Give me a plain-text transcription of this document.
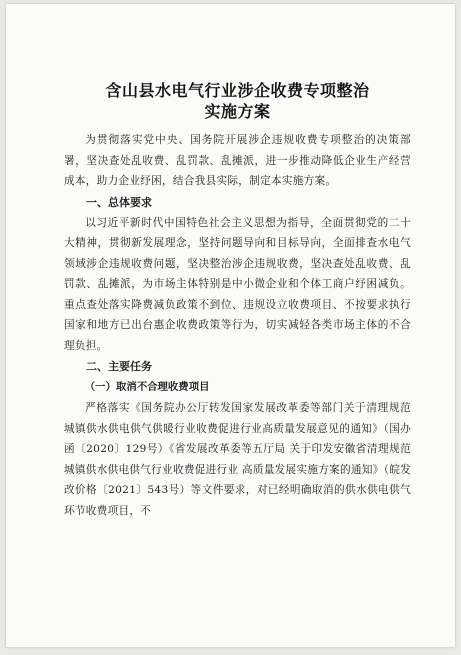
含山县水电气行业涉企收费专项整治
实施方案

为贯彻落实党中央、国务院开展涉企违规收费专项整治的决策部署，坚决查处乱收费、乱罚款、乱摊派，进一步推动降低企业生产经营成本，助力企业纾困，结合我县实际，制定本实施方案。

一、总体要求

以习近平新时代中国特色社会主义思想为指导，全面贯彻党的二十大精神，贯彻新发展理念，坚持问题导向和目标导向，全面排查水电气领域涉企违规收费问题，坚决整治涉企违规收费，坚决查处乱收费、乱罚款、乱摊派，为市场主体特别是中小微企业和个体工商户纾困减负。重点查处落实降费减负政策不到位、违规设立收费项目、不按要求执行国家和地方已出台惠企收费政策等行为，切实减轻各类市场主体的不合理负担。

二、主要任务

（一）取消不合理收费项目

严格落实《国务院办公厅转发国家发展改革委等部门关于清理规范城镇供水供电供气供暖行业收费促进行业高质量发展意见的通知》（国办函〔2020〕129号）《省发展改革委等五厅局 关于印发安徽省清理规范城镇供水供电供气行业收费促进行业 高质量发展实施方案的通知》（皖发改价格〔2021〕543号）等文件要求，对已经明确取消的供水供电供气环节收费项目，不
